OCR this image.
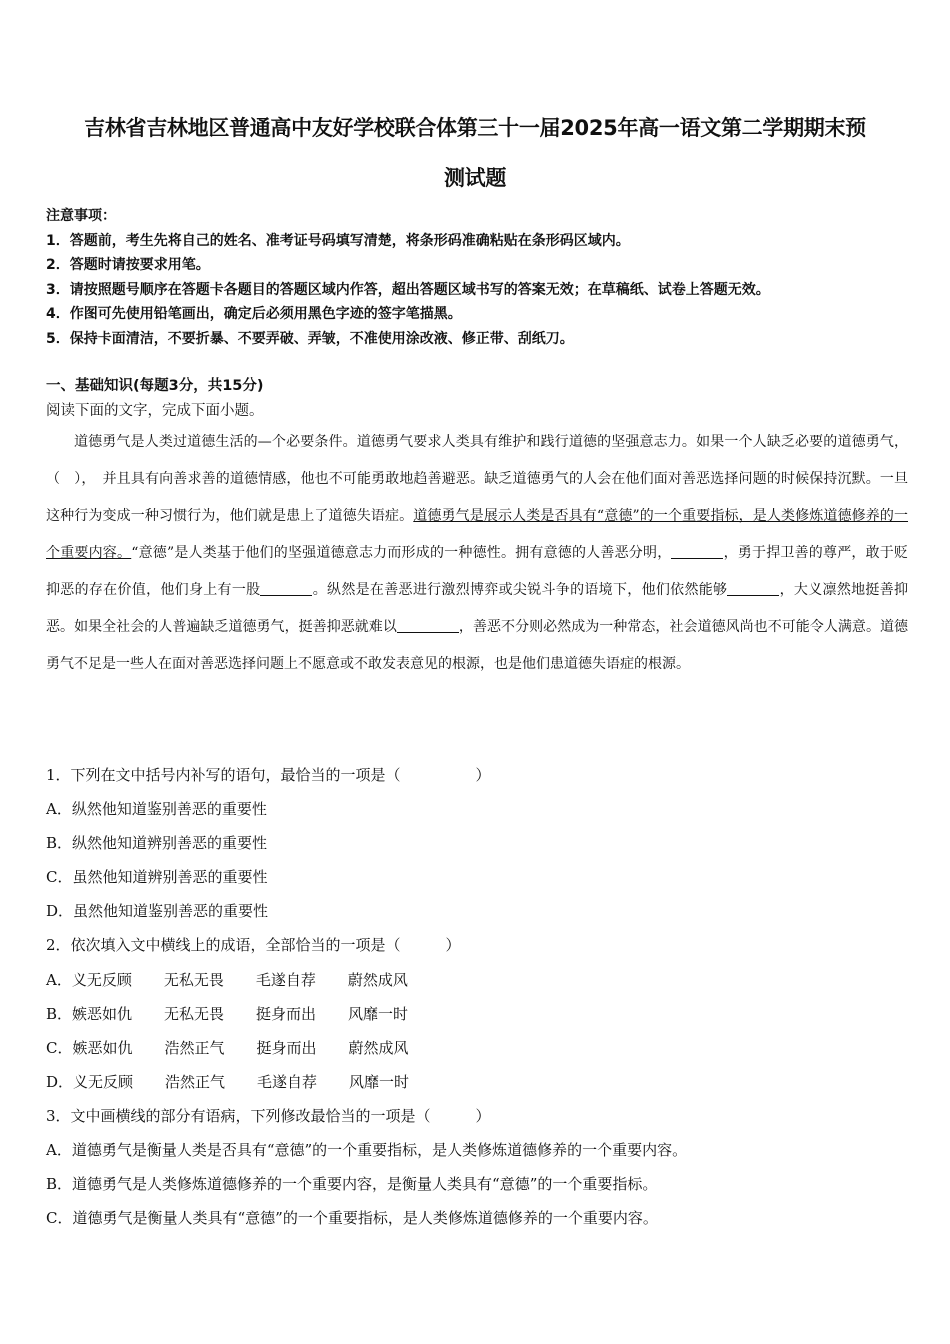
吉林省吉林地区普通高中友好学校联合体第三十一届2025年高一语文第二学期期末预
测试题
注意事项：
1．答题前，考生先将自己的姓名、准考证号码填写清楚，将条形码准确粘贴在条形码区域内。
2．答题时请按要求用笔。
3．请按照题号顺序在答题卡各题目的答题区域内作答，超出答题区域书写的答案无效；在草稿纸、试卷上答题无效。
4．作图可先使用铅笔画出，确定后必须用黑色字迹的签字笔描黑。
5．保持卡面清洁，不要折暴、不要弄破、弄皱，不准使用涂改液、修正带、刮纸刀。
一、基础知识(每题3分，共15分)
阅读下面的文字，完成下面小题。
道德勇气是人类过道德生活的—个必要条件。道德勇气要求人类具有维护和践行道德的坚强意志力。如果一个人缺乏必要的道德勇气，（　），　并且具有向善求善的道德情感，他也不可能勇敢地趋善避恶。缺乏道德勇气的人会在他们面对善恶选择问题的时候保持沉默。一旦这种行为变成一种习惯行为，他们就是患上了道德失语症。道德勇气是展示人类是否具有“意德”的一个重要指标，是人类修炼道德修养的一个重要内容。“意德”是人类基于他们的坚强道德意志力而形成的一种德性。拥有意德的人善恶分明，	，勇于捍卫善的尊严，敢于贬抑恶的存在价值，他们身上有一股	。纵然是在善恶进行激烈博弈或尖锐斗争的语境下，他们依然能够	，大义凛然地挺善抑恶。如果全社会的人普遍缺乏道德勇气，挺善抑恶就难以	，善恶不分则必然成为一种常态，社会道德风尚也不可能令人满意。道德勇气不足是一些人在面对善恶选择问题上不愿意或不敢发表意见的根源，也是他们患道德失语症的根源。
1．下列在文中括号内补写的语句，最恰当的一项是（　　　　　）
A．纵然他知道鉴别善恶的重要性
B．纵然他知道辨别善恶的重要性
C．虽然他知道辨别善恶的重要性
D．虽然他知道鉴别善恶的重要性
2．依次填入文中横线上的成语，全部恰当的一项是（　　　）
A．义无反顾 无私无畏 毛遂自荐 蔚然成风
B．嫉恶如仇 无私无畏 挺身而出 风靡一时
C．嫉恶如仇 浩然正气 挺身而出 蔚然成风
D．义无反顾 浩然正气 毛遂自荐 风靡一时
3．文中画横线的部分有语病，下列修改最恰当的一项是（　　　）
A．道德勇气是衡量人类是否具有“意德”的一个重要指标，是人类修炼道德修养的一个重要内容。
B．道德勇气是人类修炼道德修养的一个重要内容，是衡量人类具有“意德”的一个重要指标。
C．道德勇气是衡量人类具有“意德”的一个重要指标，是人类修炼道德修养的一个重要内容。
